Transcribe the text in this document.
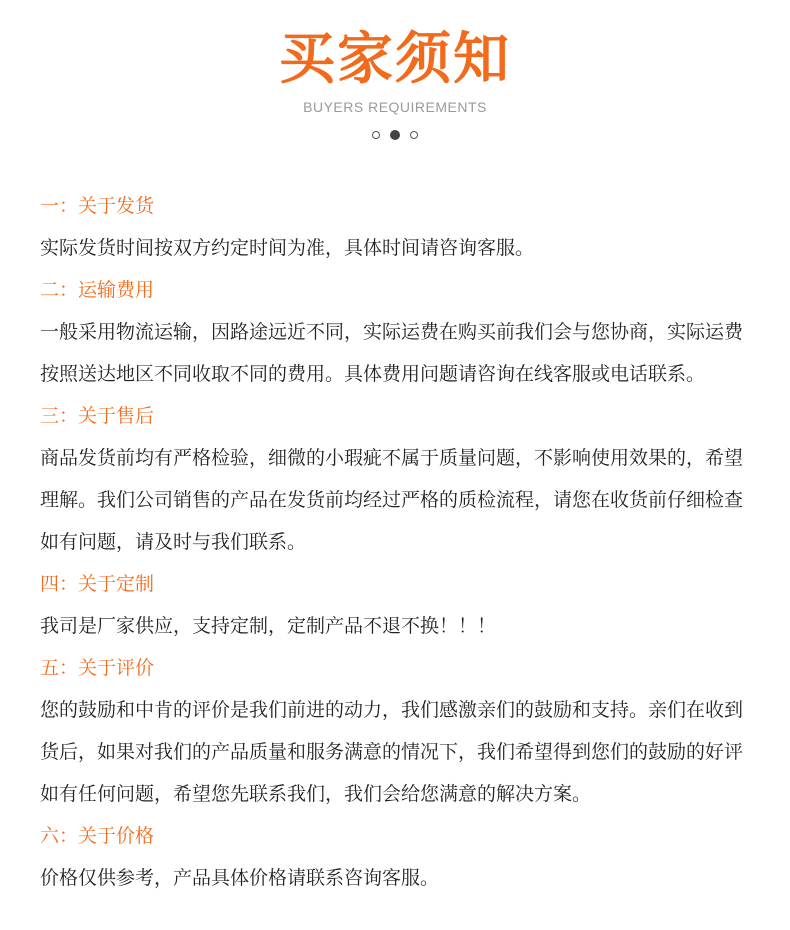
买家须知
BUYERS REQUIREMENTS
一：关于发货
实际发货时间按双方约定时间为准，具体时间请咨询客服。
二：运输费用
一般采用物流运输，因路途远近不同，实际运费在购买前我们会与您协商，实际运费
按照送达地区不同收取不同的费用。具体费用问题请咨询在线客服或电话联系。
三：关于售后
商品发货前均有严格检验，细微的小瑕疵不属于质量问题，不影响使用效果的，希望
理解。我们公司销售的产品在发货前均经过严格的质检流程，请您在收货前仔细检查
如有问题，请及时与我们联系。
四：关于定制
我司是厂家供应，支持定制，定制产品不退不换！！！
五：关于评价
您的鼓励和中肯的评价是我们前进的动力，我们感激亲们的鼓励和支持。亲们在收到
货后，如果对我们的产品质量和服务满意的情况下，我们希望得到您们的鼓励的好评
如有任何问题，希望您先联系我们，我们会给您满意的解决方案。
六：关于价格
价格仅供参考，产品具体价格请联系咨询客服。
